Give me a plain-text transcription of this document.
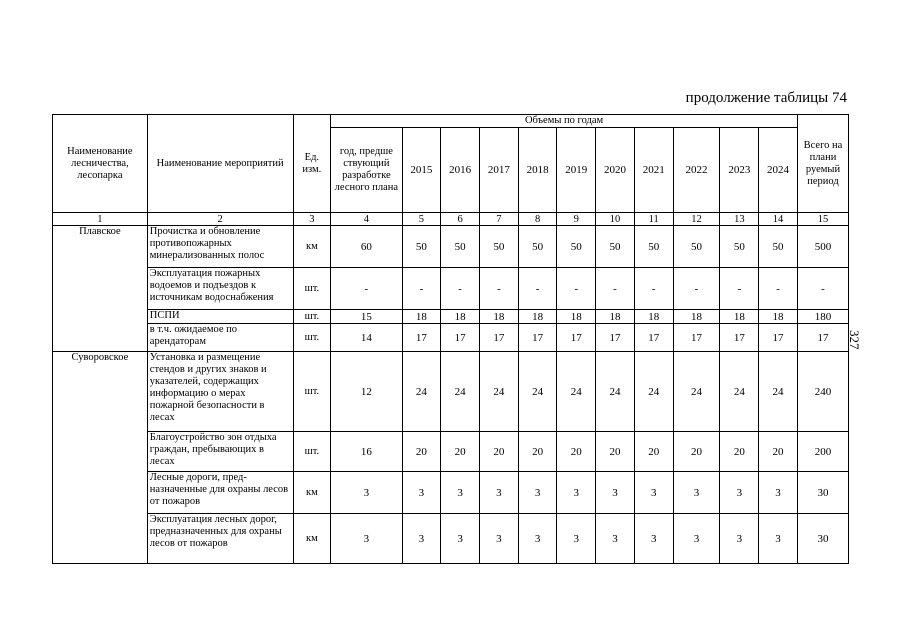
продолжение таблицы 74
327
Наименование лесничества, лесопарка	Наименование мероприятий	Ед. изм.	Объемы по годам											Всего на плани руемый период
			год, предше ствующий разработке лесного плана	2015	2016	2017	2018	2019	2020	2021	2022	2023	2024	
1	2	3	4	5	6	7	8	9	10	11	12	13	14	15
Плавское	Прочистка и обновление противопожарных минерализованных полос	км	60	50	50	50	50	50	50	50	50	50	50	500
	Эксплуатация пожарных водоемов и подъездов к источникам водоснабжения	шт.	-	-	-	-	-	-	-	-	-	-	-	-
	ПСПИ	шт.	15	18	18	18	18	18	18	18	18	18	18	180
	в т.ч. ожидаемое по арендаторам	шт.	14	17	17	17	17	17	17	17	17	17	17	17
Суворовское	Установка и размещение стендов и других знаков и указателей, содержащих информацию о мерах пожарной безопасности в лесах	шт.	12	24	24	24	24	24	24	24	24	24	24	240
	Благоустройство зон отдыха граждан, пребывающих в лесах	шт.	16	20	20	20	20	20	20	20	20	20	20	200
	Лесные дороги, пред- назначенные для охраны лесов от пожаров	км	3	3	3	3	3	3	3	3	3	3	3	30
	Эксплуатация лесных дорог, предназначенных для охраны лесов от пожаров	км	3	3	3	3	3	3	3	3	3	3	3	30
